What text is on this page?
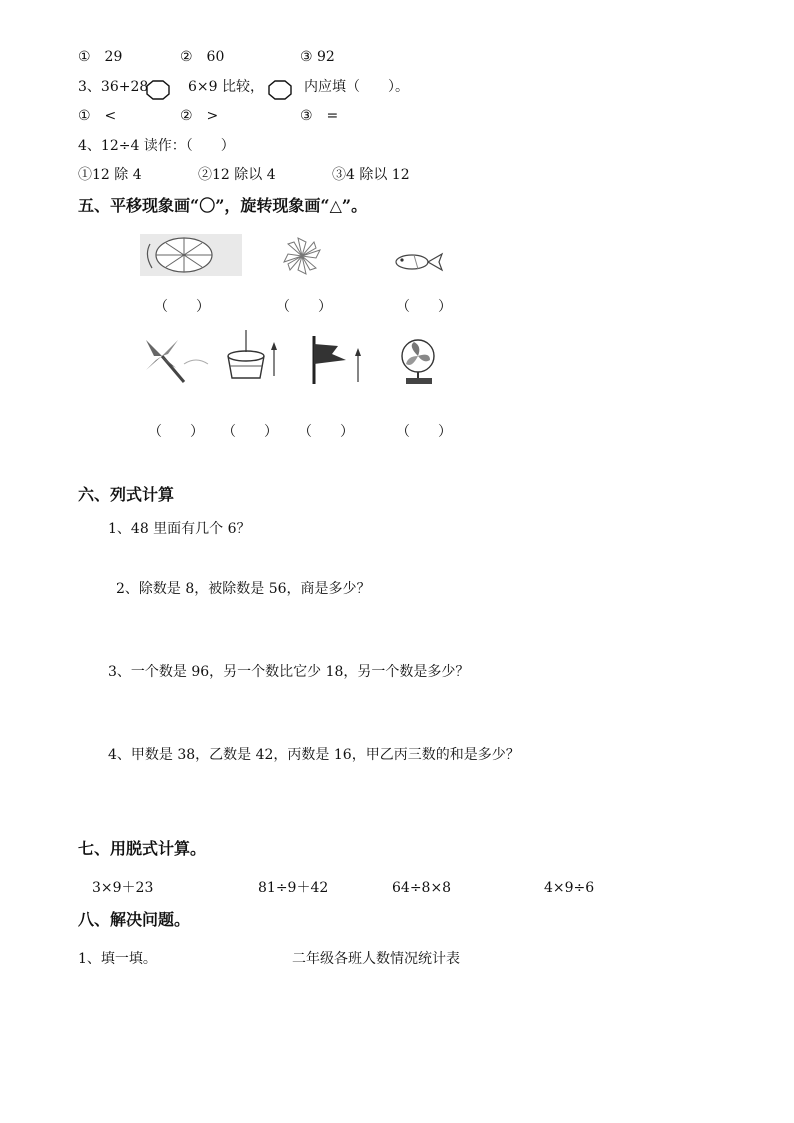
①　29	②　60	③ 92
3、36+28	6×9 比较，	内应填（　　）。
①　<	②　>	③　=
4、12÷4 读作：（　　）
①12 除 4	②12 除以 4	③4 除以 12
五、平移现象画“〇”，旋转现象画“△”。
（　　）	（　　）	（　　）
（　　） （　　） （　　）	（　　）
六、列式计算
1、48 里面有几个 6？
2、除数是 8，被除数是 56，商是多少？
3、一个数是 96，另一个数比它少 18，另一个数是多少？
4、甲数是 38，乙数是 42，丙数是 16，甲乙丙三数的和是多少？
七、用脱式计算。
3×9＋23	81÷9＋42	64÷8×8	4×9÷6
八、解决问题。
1、填一填。	二年级各班人数情况统计表
